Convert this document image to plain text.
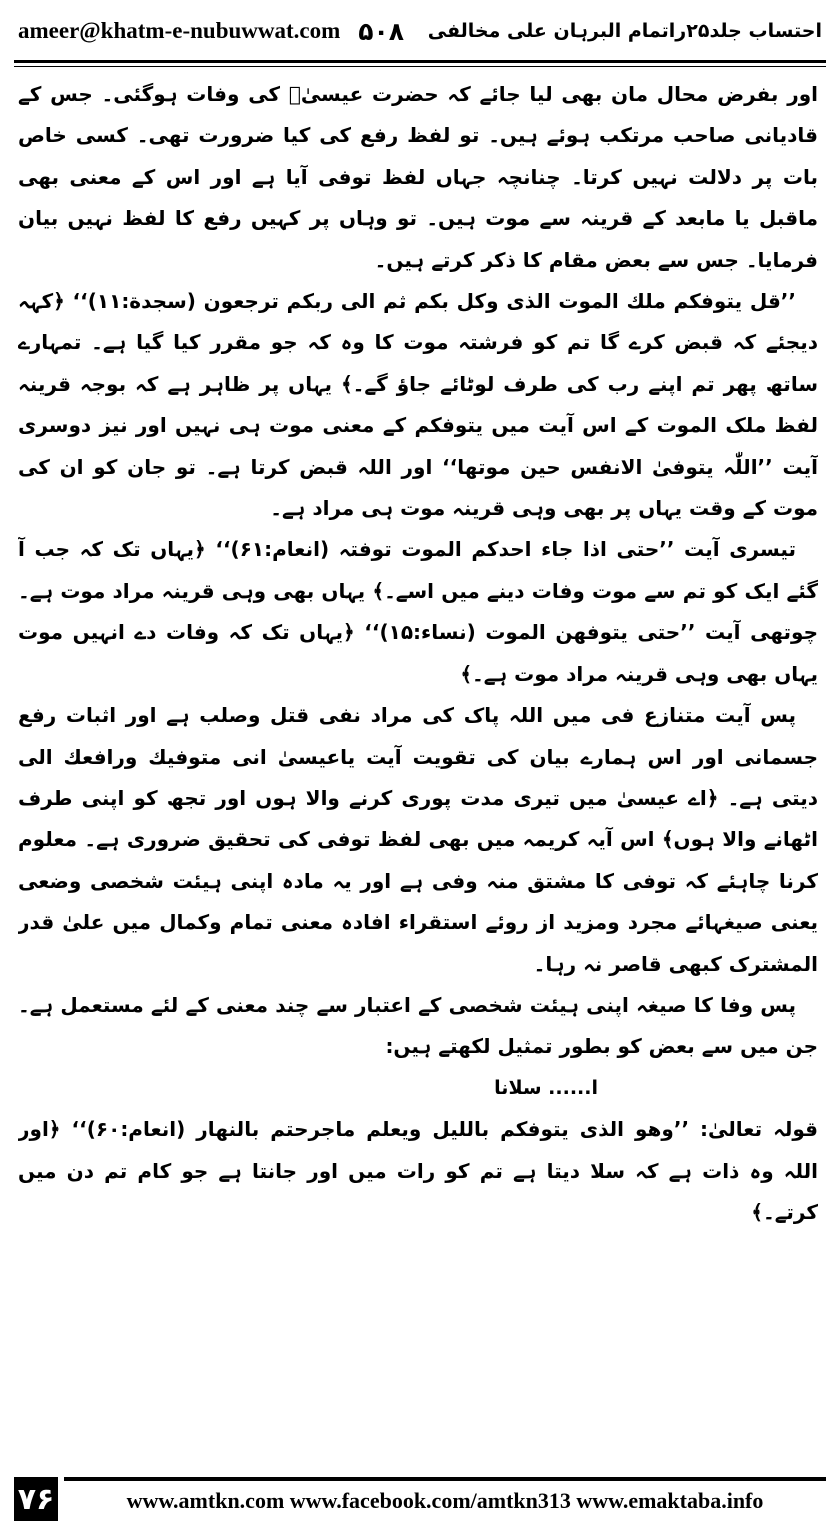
ameer@khatm-e-nubuwwat.com ۵۰۸ احتساب جلد۲۵راتمام البرہان علی مخالفی

اور بفرض محال مان بھی لیا جائے کہ حضرت عیسیٰؑ کی وفات ہوگئی۔ جس کے قادیانی صاحب مرتکب ہوئے ہیں۔ تو لفظ رفع کی کیا ضرورت تھی۔ کسی خاص بات پر دلالت نہیں کرتا۔ چنانچہ جہاں لفظ توفی آیا ہے اور اس کے معنی بھی ماقبل یا مابعد کے قرینہ سے موت ہیں۔ تو وہاں پر کہیں رفع کا لفظ نہیں بیان فرمایا۔ جس سے بعض مقام کا ذکر کرتے ہیں۔

’’قل یتوفکم ملك الموت الذی وکل بکم ثم الی ربکم ترجعون (سجدة:۱۱)‘‘ ﴿کہہ دیجئے کہ قبض کرے گا تم کو فرشتہ موت کا وہ کہ جو مقرر کیا گیا ہے۔ تمہارے ساتھ پھر تم اپنے رب کی طرف لوٹائے جاؤ گے۔﴾ یہاں پر ظاہر ہے کہ بوجہ قرینہ لفظ ملک الموت کے اس آیت میں یتوفکم کے معنی موت ہی نہیں اور نیز دوسری آیت ’’اللّٰہ یتوفیٰ الانفس حین موتھا‘‘ اور اللہ قبض کرتا ہے۔ تو جان کو ان کی موت کے وقت یہاں پر بھی وہی قرینہ موت ہی مراد ہے۔

تیسری آیت ’’حتی اذا جاء احدکم الموت توفتہ (انعام:۶۱)‘‘ ﴿یہاں تک کہ جب آ گئے ایک کو تم سے موت وفات دینے میں اسے۔﴾ یہاں بھی وہی قرینہ مراد موت ہے۔ چوتھی آیت ’’حتی یتوفھن الموت (نساء:۱۵)‘‘ ﴿یہاں تک کہ وفات دے انہیں موت یہاں بھی وہی قرینہ مراد موت ہے۔﴾

پس آیت متنازع فی میں اللہ پاک کی مراد نفی قتل وصلب ہے اور اثبات رفع جسمانی اور اس ہمارے بیان کی تقویت آیت یاعیسیٰ انی متوفیك ورافعك الی دیتی ہے۔ ﴿اے عیسیٰ میں تیری مدت پوری کرنے والا ہوں اور تجھ کو اپنی طرف اٹھانے والا ہوں﴾ اس آیہ کریمہ میں بھی لفظ توفی کی تحقیق ضروری ہے۔ معلوم کرنا چاہئے کہ توفی کا مشتق منہ وفی ہے اور یہ مادہ اپنی ہیئت شخصی وضعی یعنی صیغہائے مجرد ومزید از روئے استقراء افادہ معنی تمام وکمال میں علیٰ قدر المشترک کبھی قاصر نہ رہا۔

پس وفا کا صیغہ اپنی ہیئت شخصی کے اعتبار سے چند معنی کے لئے مستعمل ہے۔ جن میں سے بعض کو بطور تمثیل لکھتے ہیں:

ا...... سلانا

قولہ تعالیٰ: ’’وھو الذی یتوفکم باللیل ویعلم ماجرحتم بالنھار (انعام:۶۰)‘‘ ﴿اور اللہ وہ ذات ہے کہ سلا دیتا ہے تم کو رات میں اور جانتا ہے جو کام تم دن میں کرتے۔﴾

۷۶	www.amtkn.com www.facebook.com/amtkn313 www.emaktaba.info
